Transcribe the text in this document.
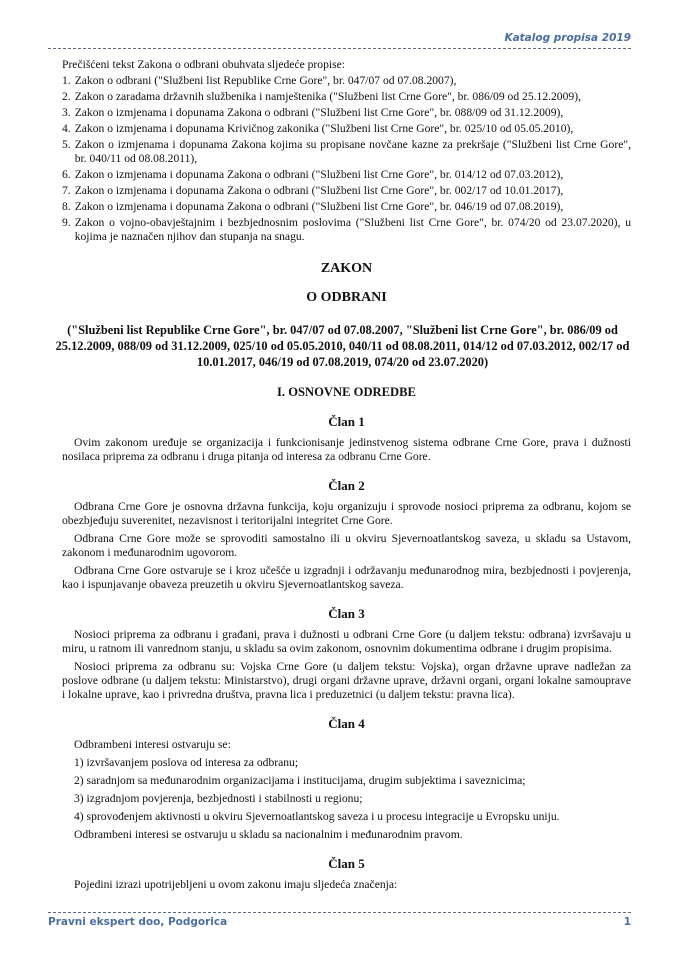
Katalog propisa 2019

Prečišćeni tekst Zakona o odbrani obuhvata sljedeće propise:

1. Zakon o odbrani ("Službeni list Republike Crne Gore", br. 047/07 od 07.08.2007),
2. Zakon o zaradama državnih službenika i namještenika ("Službeni list Crne Gore", br. 086/09 od 25.12.2009),
3. Zakon o izmjenama i dopunama Zakona o odbrani ("Službeni list Crne Gore", br. 088/09 od 31.12.2009),
4. Zakon o izmjenama i dopunama Krivičnog zakonika ("Službeni list Crne Gore", br. 025/10 od 05.05.2010),
5. Zakon o izmjenama i dopunama Zakona kojima su propisane novčane kazne za prekršaje ("Službeni list Crne Gore", br. 040/11 od 08.08.2011),
6. Zakon o izmjenama i dopunama Zakona o odbrani ("Službeni list Crne Gore", br. 014/12 od 07.03.2012),
7. Zakon o izmjenama i dopunama Zakona o odbrani ("Službeni list Crne Gore", br. 002/17 od 10.01.2017),
8. Zakon o izmjenama i dopunama Zakona o odbrani ("Službeni list Crne Gore", br. 046/19 od 07.08.2019),
9. Zakon o vojno-obavještajnim i bezbjednosnim poslovima ("Službeni list Crne Gore", br. 074/20 od 23.07.2020), u kojima je naznačen njihov dan stupanja na snagu.

ZAKON

O ODBRANI

("Službeni list Republike Crne Gore", br. 047/07 od 07.08.2007, "Službeni list Crne Gore", br. 086/09 od 25.12.2009, 088/09 od 31.12.2009, 025/10 od 05.05.2010, 040/11 od 08.08.2011, 014/12 od 07.03.2012, 002/17 od 10.01.2017, 046/19 od 07.08.2019, 074/20 od 23.07.2020)

I. OSNOVNE ODREDBE

Član 1

Ovim zakonom uređuje se organizacija i funkcionisanje jedinstvenog sistema odbrane Crne Gore, prava i dužnosti nosilaca pripremа za odbranu i druga pitanja od interesa za odbranu Crne Gore.

Član 2

Odbrana Crne Gore je osnovna državna funkcija, koju organizuju i sprovode nosioci priprema za odbranu, kojom se obezbjeđuju suverenitet, nezavisnost i teritorijalni integritet Crne Gore.

Odbrana Crne Gore može se sprovoditi samostalno ili u okviru Sjevernoatlantskog saveza, u skladu sa Ustavom, zakonom i međunarodnim ugovorom.

Odbrana Crne Gore ostvaruje se i kroz učešće u izgradnji i održavanju međunarodnog mira, bezbjednosti i povjerenja, kao i ispunjavanje obaveza preuzetih u okviru Sjevernoatlantskog saveza.

Član 3

Nosioci priprema za odbranu i građani, prava i dužnosti u odbrani Crne Gore (u daljem tekstu: odbrana) izvršavaju u miru, u ratnom ili vanrednom stanju, u skladu sa ovim zakonom, osnovnim dokumentima odbrane i drugim propisima.

Nosioci priprema za odbranu su: Vojska Crne Gore (u daljem tekstu: Vojska), organ državne uprave nadležan za poslove odbrane (u daljem tekstu: Ministarstvo), drugi organi državne uprave, državni organi, organi lokalne samouprave i lokalne uprave, kao i privredna društva, pravna lica i preduzetnici (u daljem tekstu: pravna lica).

Član 4

Odbrambeni interesi ostvaruju se:

1) izvršavanjem poslova od interesa za odbranu;

2) saradnjom sa međunarodnim organizacijama i institucijama, drugim subjektima i saveznicima;

3) izgradnjom povjerenja, bezbjednosti i stabilnosti u regionu;

4) sprovođenjem aktivnosti u okviru Sjevernoatlantskog saveza i u procesu integracije u Evropsku uniju.

Odbrambeni interesi se ostvaruju u skladu sa nacionalnim i međunarodnim pravom.

Član 5

Pojedini izrazi upotrijebljeni u ovom zakonu imaju sljedeća značenja:

Pravni ekspert doo, Podgorica	1
